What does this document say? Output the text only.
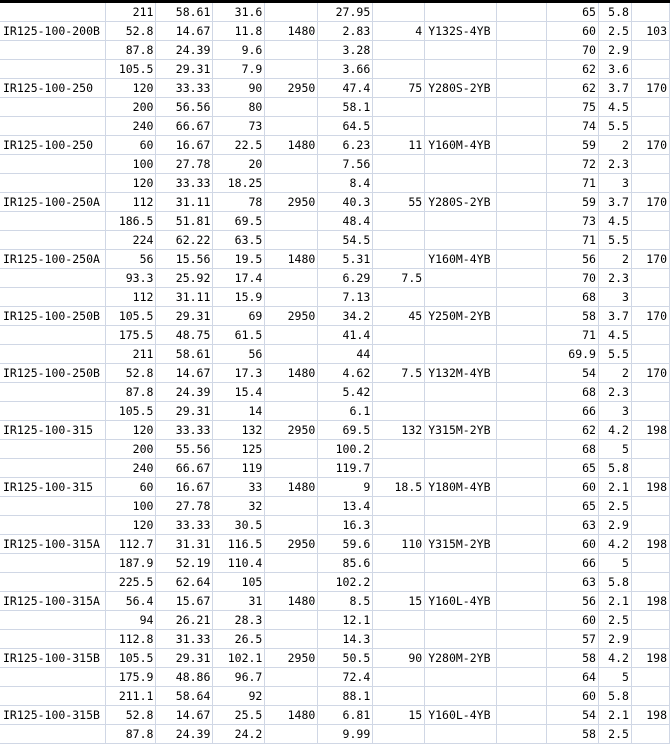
	211	58.61	31.6		27.95				65	5.8	
IR125-100-200B	52.8	14.67	11.8	1480	2.83	4	Y132S-4YB		60	2.5	103
	87.8	24.39	9.6		3.28				70	2.9	
	105.5	29.31	7.9		3.66				62	3.6	
IR125-100-250	120	33.33	90	2950	47.4	75	Y280S-2YB		62	3.7	170
	200	56.56	80		58.1				75	4.5	
	240	66.67	73		64.5				74	5.5	
IR125-100-250	60	16.67	22.5	1480	6.23	11	Y160M-4YB		59	2	170
	100	27.78	20		7.56				72	2.3	
	120	33.33	18.25		8.4				71	3	
IR125-100-250A	112	31.11	78	2950	40.3	55	Y280S-2YB		59	3.7	170
	186.5	51.81	69.5		48.4				73	4.5	
	224	62.22	63.5		54.5				71	5.5	
IR125-100-250A	56	15.56	19.5	1480	5.31		Y160M-4YB		56	2	170
	93.3	25.92	17.4		6.29	7.5			70	2.3	
	112	31.11	15.9		7.13				68	3	
IR125-100-250B	105.5	29.31	69	2950	34.2	45	Y250M-2YB		58	3.7	170
	175.5	48.75	61.5		41.4				71	4.5	
	211	58.61	56		44				69.9	5.5	
IR125-100-250B	52.8	14.67	17.3	1480	4.62	7.5	Y132M-4YB		54	2	170
	87.8	24.39	15.4		5.42				68	2.3	
	105.5	29.31	14		6.1				66	3	
IR125-100-315	120	33.33	132	2950	69.5	132	Y315M-2YB		62	4.2	198
	200	55.56	125		100.2				68	5	
	240	66.67	119		119.7				65	5.8	
IR125-100-315	60	16.67	33	1480	9	18.5	Y180M-4YB		60	2.1	198
	100	27.78	32		13.4				65	2.5	
	120	33.33	30.5		16.3				63	2.9	
IR125-100-315A	112.7	31.31	116.5	2950	59.6	110	Y315M-2YB		60	4.2	198
	187.9	52.19	110.4		85.6				66	5	
	225.5	62.64	105		102.2				63	5.8	
IR125-100-315A	56.4	15.67	31	1480	8.5	15	Y160L-4YB		56	2.1	198
	94	26.21	28.3		12.1				60	2.5	
	112.8	31.33	26.5		14.3				57	2.9	
IR125-100-315B	105.5	29.31	102.1	2950	50.5	90	Y280M-2YB		58	4.2	198
	175.9	48.86	96.7		72.4				64	5	
	211.1	58.64	92		88.1				60	5.8	
IR125-100-315B	52.8	14.67	25.5	1480	6.81	15	Y160L-4YB		54	2.1	198
	87.8	24.39	24.2		9.99				58	2.5	
